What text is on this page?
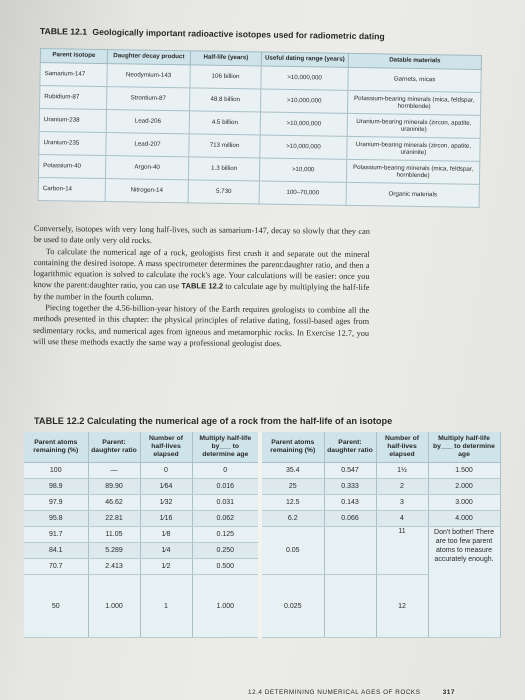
TABLE 12.1 Geologically important radioactive isotopes used for radiometric dating
Parent isotope	Daughter decay product	Half-life (years)	Useful dating range (years)	Datable materials
Samarium-147	Neodymium-143	106 billion	>10,000,000	Garnets, micas
Rubidium-87	Strontium-87	48.8 billion	>10,000,000	Potassium-bearing minerals (mica, feldspar, hornblende)
Uranium-238	Lead-206	4.5 billion	>10,000,000	Uranium-bearing minerals (zircon, apatite, uraninite)
Uranium-235	Lead-207	713 million	>10,000,000	Uranium-bearing minerals (zircon, apatite, uraninite)
Potassium-40	Argon-40	1.3 billion	>10,000	Potassium-bearing minerals (mica, feldspar, hornblende)
Carbon-14	Nitrogen-14	5,730	100–70,000	Organic materials

Conversely, isotopes with very long half-lives, such as samarium-147, decay so slowly that they can be used to date only very old rocks.

To calculate the numerical age of a rock, geologists first crush it and separate out the mineral containing the desired isotope. A mass spectrometer determines the parent:daughter ratio, and then a logarithmic equation is solved to calculate the rock's age. Your calculations will be easier: once you know the parent:daughter ratio, you can use TABLE 12.2 to calculate age by multiplying the half-life by the number in the fourth column.

Piecing together the 4.56-billion-year history of the Earth requires geologists to combine all the methods presented in this chapter: the physical principles of relative dating, fossil-based ages from sedimentary rocks, and numerical ages from igneous and metamorphic rocks. In Exercise 12.7, you will use these methods exactly the same way a professional geologist does.

TABLE 12.2 Calculating the numerical age of a rock from the half-life of an isotope
Parent atoms remaining (%)	Parent: daughter ratio	Number of half-lives elapsed	Multiply half-life by___ to determine age	Parent atoms remaining (%)	Parent: daughter ratio	Number of half-lives elapsed	Multiply half-life by___ to determine age
100	—	0	0	35.4	0.547	1½	1.500
98.9	89.90	1⁄64	0.016	25	0.333	2	2.000
97.9	46.62	1⁄32	0.031	12.5	0.143	3	3.000
95.8	22.81	1⁄16	0.062	6.2	0.066	4	4.000
91.7	11.05	1⁄8	0.125	0.05		11	Don't bother! There are too few parent atoms to measure accurately enough.
84.1	5.289	1⁄4	0.250				
70.7	2.413	1⁄2	0.500				
50	1.000	1	1.000	0.025		12	

12.4 DETERMINING NUMERICAL AGES OF ROCKS	317
